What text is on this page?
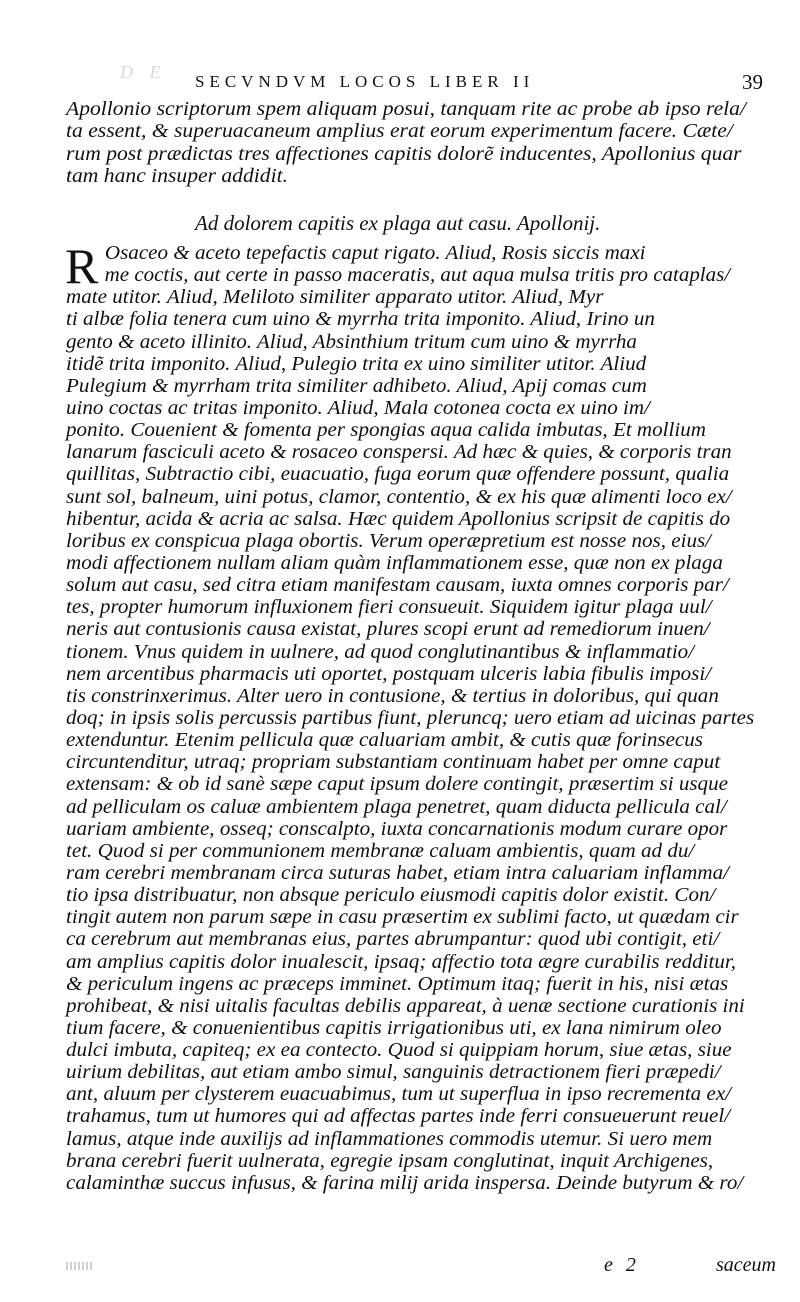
D E SECVNDVM LOCOS LIBER II	39
Apollonio scriptorum spem aliquam posui, tanquam rite ac probe ab ipso rela/
ta essent, & superuacaneum amplius erat eorum experimentum facere. Cæte/
rum post prædictas tres affectiones capitis dolorẽ inducentes, Apollonius quar
tam hanc insuper addidit.
Ad dolorem capitis ex plaga aut casu. Apollonij.
R Osaceo & aceto tepefactis caput rigato. Aliud, Rosis siccis maxi
me coctis, aut certe in passo maceratis, aut aqua mulsa tritis pro cataplas/
mate utitor. Aliud, Meliloto similiter apparato utitor. Aliud, Myr
ti albæ folia tenera cum uino & myrrha trita imponito. Aliud, Irino un
gento & aceto illinito. Aliud, Absinthium tritum cum uino & myrrha
itidẽ trita imponito. Aliud, Pulegio trita ex uino similiter utitor. Aliud
Pulegium & myrrham trita similiter adhibeto. Aliud, Apij comas cum
uino coctas ac tritas imponito. Aliud, Mala cotonea cocta ex uino im/
ponito. Couenient & fomenta per spongias aqua calida imbutas, Et mollium
lanarum fasciculi aceto & rosaceo conspersi. Ad hæc & quies, & corporis tran
quillitas, Subtractio cibi, euacuatio, fuga eorum quæ offendere possunt, qualia
sunt sol, balneum, uini potus, clamor, contentio, & ex his quæ alimenti loco ex/
hibentur, acida & acria ac salsa. Hæc quidem Apollonius scripsit de capitis do
loribus ex conspicua plaga obortis. Verum operæpretium est nosse nos, eius/
modi affectionem nullam aliam quàm inflammationem esse, quæ non ex plaga
solum aut casu, sed citra etiam manifestam causam, iuxta omnes corporis par/
tes, propter humorum influxionem fieri consueuit. Siquidem igitur plaga uul/
neris aut contusionis causa existat, plures scopi erunt ad remediorum inuen/
tionem. Vnus quidem in uulnere, ad quod conglutinantibus & inflammatio/
nem arcentibus pharmacis uti oportet, postquam ulceris labia fibulis imposi/
tis constrinxerimus. Alter uero in contusione, & tertius in doloribus, qui quan
doq; in ipsis solis percussis partibus fiunt, pleruncq; uero etiam ad uicinas partes
extenduntur. Etenim pellicula quæ caluariam ambit, & cutis quæ forinsecus
circuntenditur, utraq; propriam substantiam continuam habet per omne caput
extensam: & ob id sanè sæpe caput ipsum dolere contingit, præsertim si usque
ad pelliculam os caluæ ambientem plaga penetret, quam diducta pellicula cal/
uariam ambiente, osseq; conscalpto, iuxta concarnationis modum curare opor
tet. Quod si per communionem membranæ caluam ambientis, quam ad du/
ram cerebri membranam circa suturas habet, etiam intra caluariam inflamma/
tio ipsa distribuatur, non absque periculo eiusmodi capitis dolor existit. Con/
tingit autem non parum sæpe in casu præsertim ex sublimi facto, ut quædam cir
ca cerebrum aut membranas eius, partes abrumpantur: quod ubi contigit, eti/
am amplius capitis dolor inualescit, ipsaq; affectio tota ægre curabilis redditur,
& periculum ingens ac præceps imminet. Optimum itaq; fuerit in his, nisi ætas
prohibeat, & nisi uitalis facultas debilis appareat, à uenæ sectione curationis ini
tium facere, & conuenientibus capitis irrigationibus uti, ex lana nimirum oleo
dulci imbuta, capiteq; ex ea contecto. Quod si quippiam horum, siue ætas, siue
uirium debilitas, aut etiam ambo simul, sanguinis detractionem fieri præpedi/
ant, aluum per clysterem euacuabimus, tum ut superflua in ipso recrementa ex/
trahamus, tum ut humores qui ad affectas partes inde ferri consueuerunt reuel/
lamus, atque inde auxilijs ad inflammationes commodis utemur. Si uero mem
brana cerebri fuerit uulnerata, egregie ipsam conglutinat, inquit Archigenes,
calaminthæ succus infusus, & farina milij arida inspersa. Deinde butyrum & ro/
e 2	saceum
